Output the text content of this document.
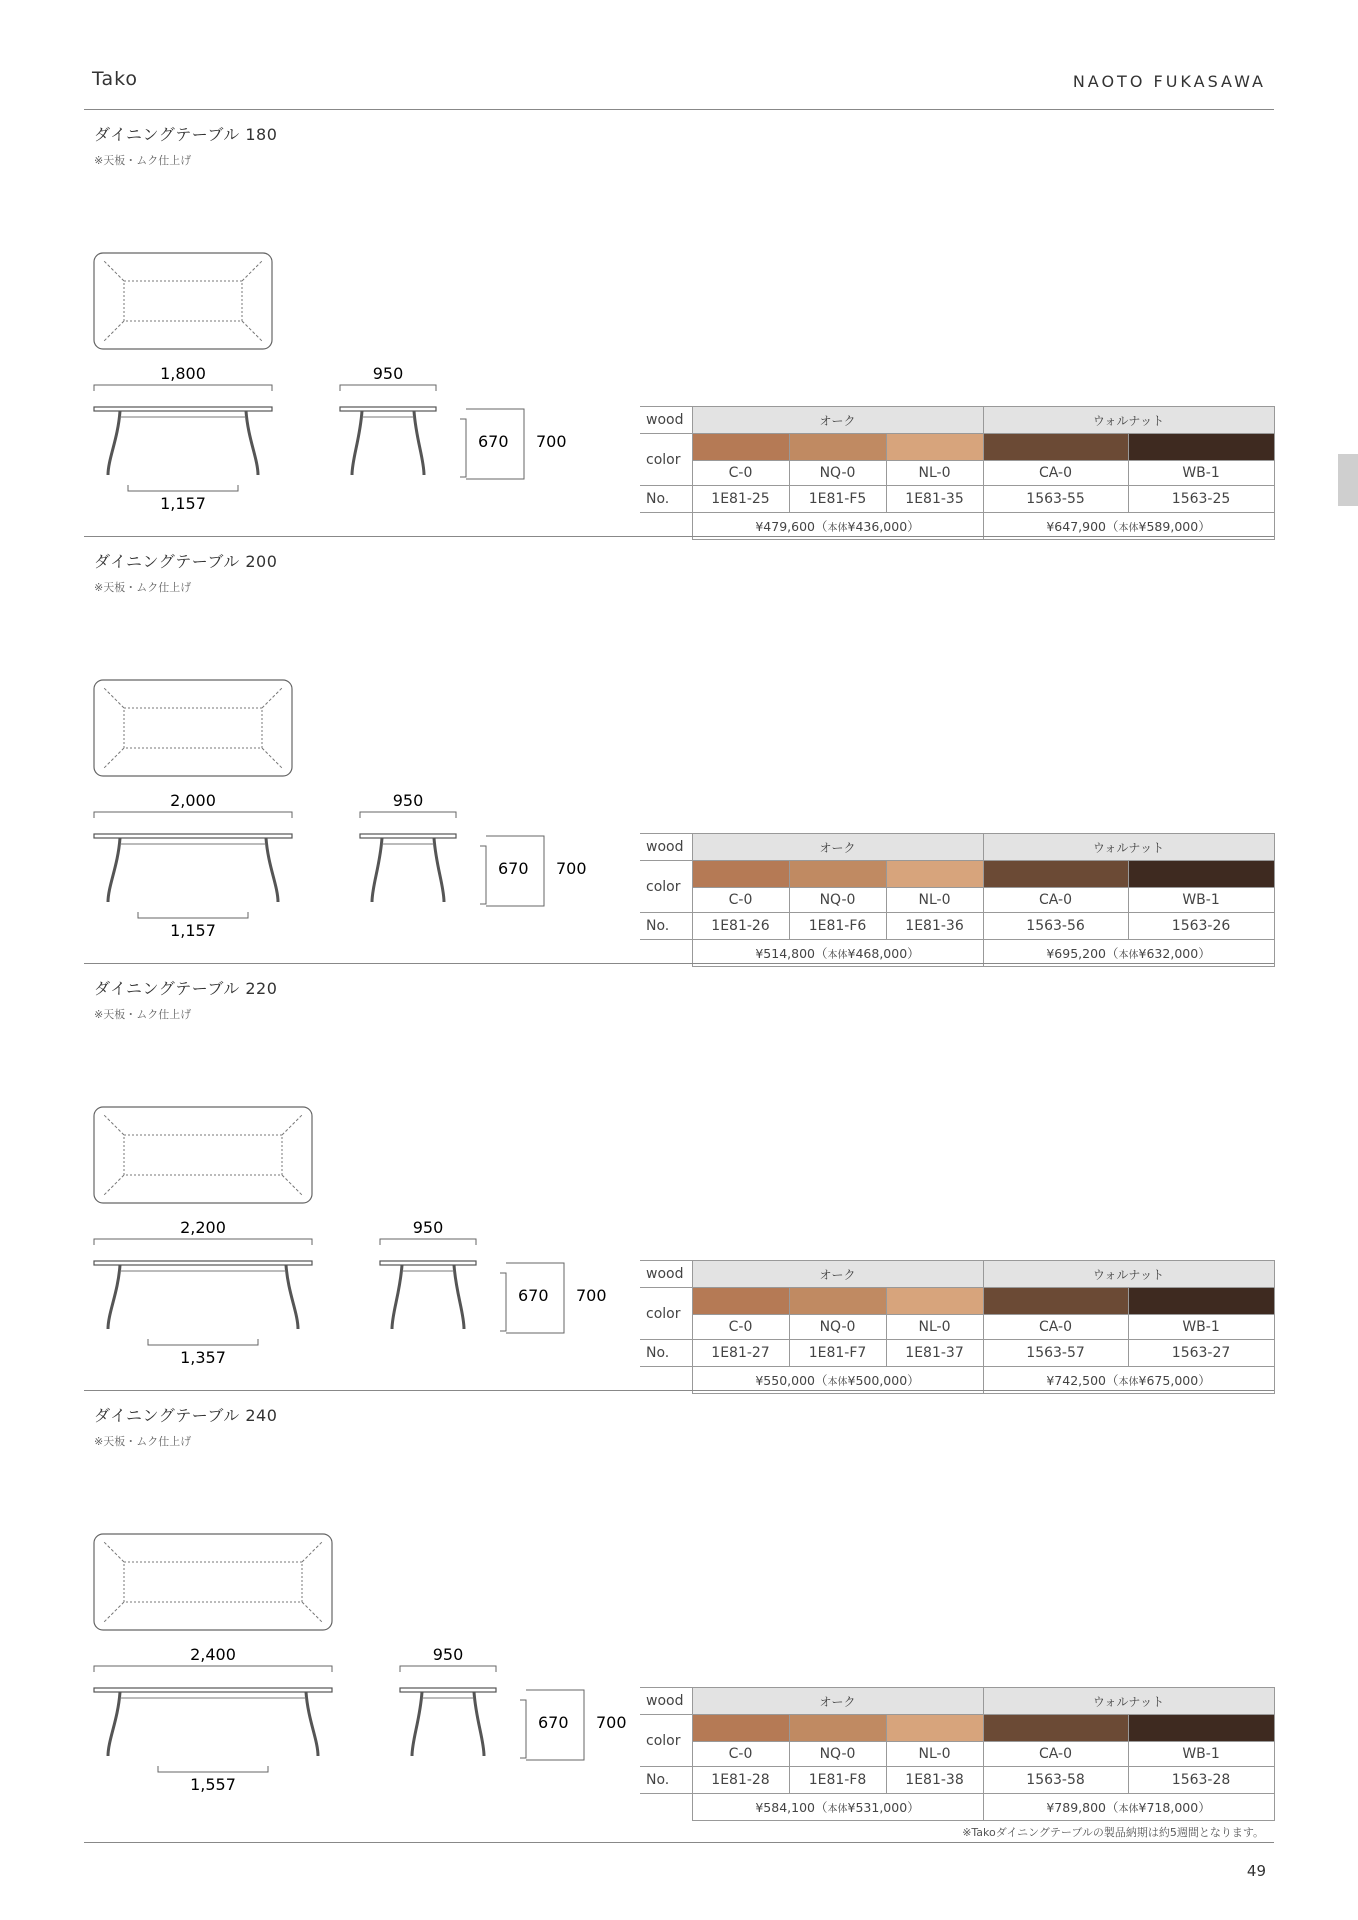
Tako	NAOTO FUKASAWA
ダイニングテーブル 180
※天板・ムク仕上げ
1,800
1,157
950
670 700
wood	オーク			ウォルナット	
color					
	C-0	NQ-0	NL-0	CA-0	WB-1
No.	1E81-25	1E81-F5	1E81-35	1563-55	1563-25
	¥479,600（本体¥436,000）			¥647,900（本体¥589,000）	
ダイニングテーブル 200
※天板・ムク仕上げ
2,000
1,157
950
670 700
wood	オーク			ウォルナット	
color					
	C-0	NQ-0	NL-0	CA-0	WB-1
No.	1E81-26	1E81-F6	1E81-36	1563-56	1563-26
	¥514,800（本体¥468,000）			¥695,200（本体¥632,000）	
ダイニングテーブル 220
※天板・ムク仕上げ
2,200
1,357
950
670 700
wood	オーク			ウォルナット	
color					
	C-0	NQ-0	NL-0	CA-0	WB-1
No.	1E81-27	1E81-F7	1E81-37	1563-57	1563-27
	¥550,000（本体¥500,000）			¥742,500（本体¥675,000）	
ダイニングテーブル 240
※天板・ムク仕上げ
2,400
1,557
950
670 700
wood	オーク			ウォルナット	
color					
	C-0	NQ-0	NL-0	CA-0	WB-1
No.	1E81-28	1E81-F8	1E81-38	1563-58	1563-28
	¥584,100（本体¥531,000）			¥789,800（本体¥718,000）	
※Takoダイニングテーブルの製品納期は約5週間となります。
49
